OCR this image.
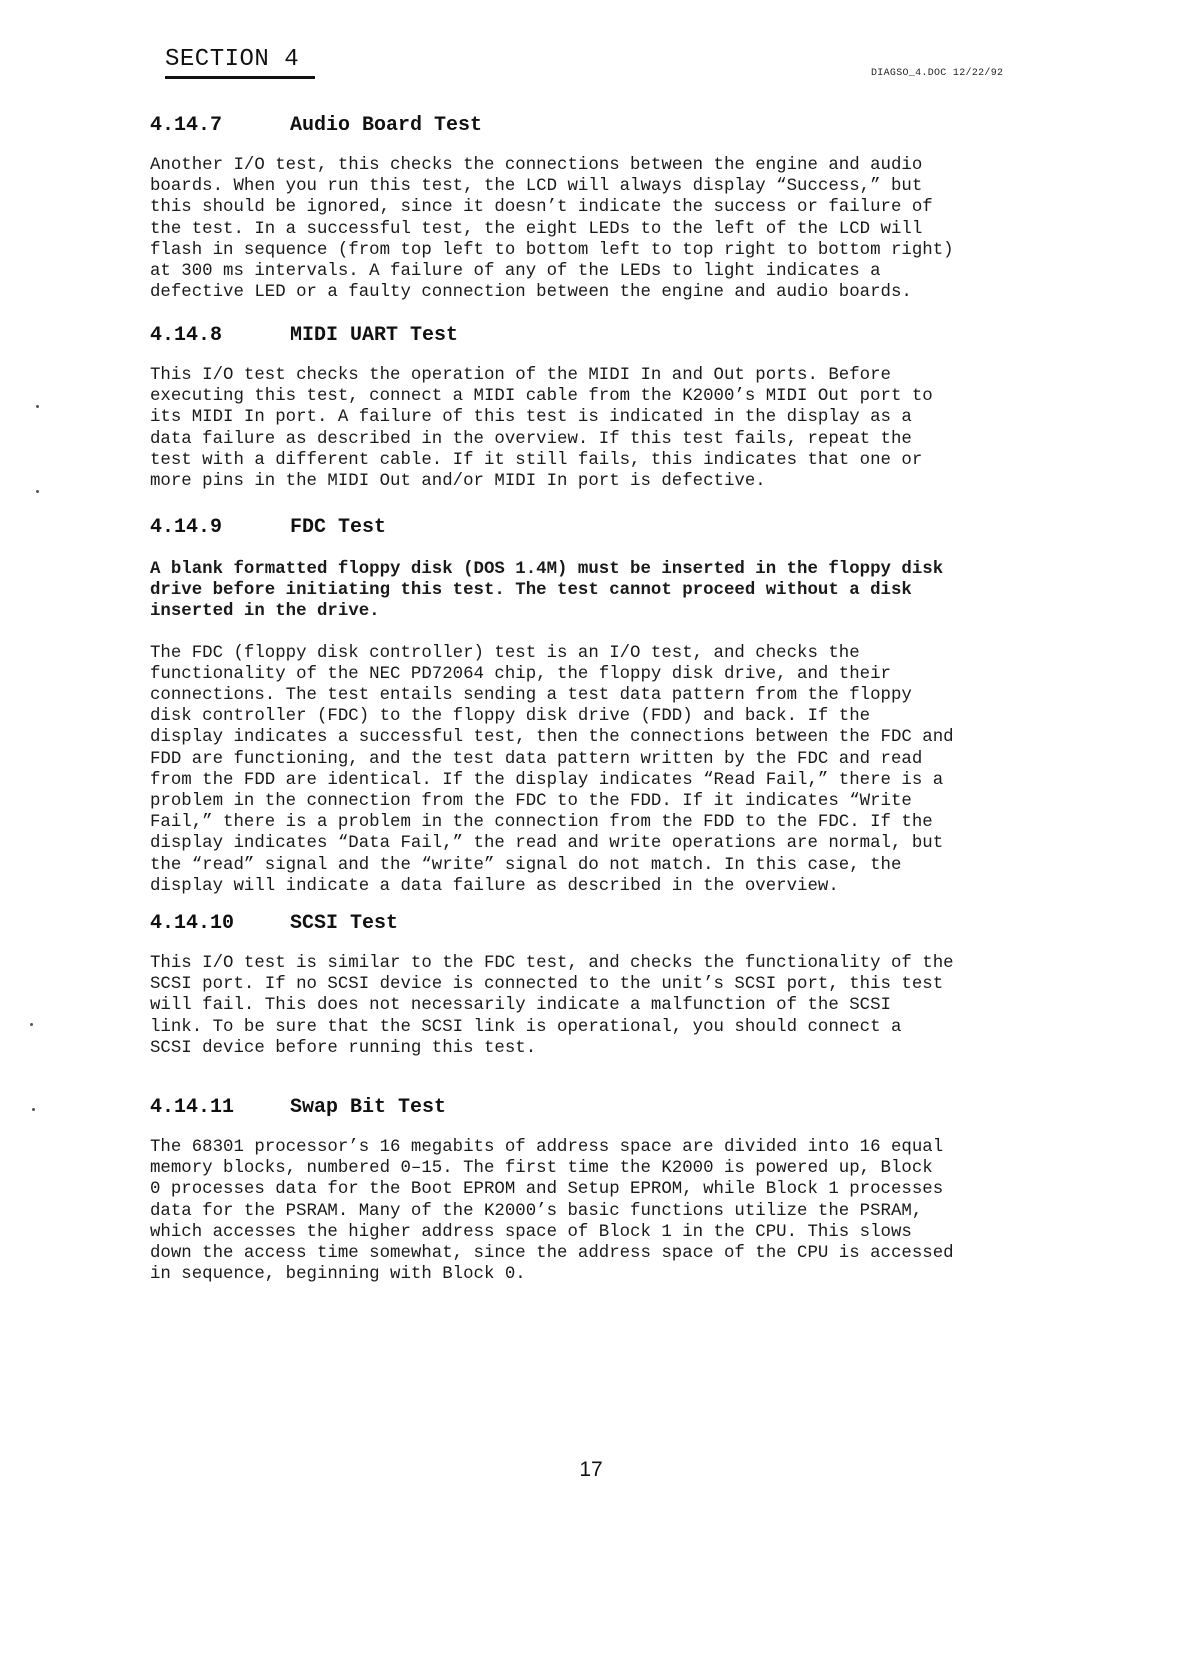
SECTION 4
DIAGSO_4.DOC 12/22/92
4.14.7	Audio Board Test

Another I/O test, this checks the connections between the engine and audio
boards. When you run this test, the LCD will always display “Success,” but
this should be ignored, since it doesn’t indicate the success or failure of
the test. In a successful test, the eight LEDs to the left of the LCD will
flash in sequence (from top left to bottom left to top right to bottom right)
at 300 ms intervals. A failure of any of the LEDs to light indicates a
defective LED or a faulty connection between the engine and audio boards.

4.14.8	MIDI UART Test

This I/O test checks the operation of the MIDI In and Out ports. Before
executing this test, connect a MIDI cable from the K2000’s MIDI Out port to
its MIDI In port. A failure of this test is indicated in the display as a
data failure as described in the overview. If this test fails, repeat the
test with a different cable. If it still fails, this indicates that one or
more pins in the MIDI Out and/or MIDI In port is defective.

4.14.9	FDC Test

A blank formatted floppy disk (DOS 1.4M) must be inserted in the floppy disk
drive before initiating this test. The test cannot proceed without a disk
inserted in the drive.

The FDC (floppy disk controller) test is an I/O test, and checks the
functionality of the NEC PD72064 chip, the floppy disk drive, and their
connections. The test entails sending a test data pattern from the floppy
disk controller (FDC) to the floppy disk drive (FDD) and back. If the
display indicates a successful test, then the connections between the FDC and
FDD are functioning, and the test data pattern written by the FDC and read
from the FDD are identical. If the display indicates “Read Fail,” there is a
problem in the connection from the FDC to the FDD. If it indicates “Write
Fail,” there is a problem in the connection from the FDD to the FDC. If the
display indicates “Data Fail,” the read and write operations are normal, but
the “read” signal and the “write” signal do not match. In this case, the
display will indicate a data failure as described in the overview.

4.14.10	SCSI Test

This I/O test is similar to the FDC test, and checks the functionality of the
SCSI port. If no SCSI device is connected to the unit’s SCSI port, this test
will fail. This does not necessarily indicate a malfunction of the SCSI
link. To be sure that the SCSI link is operational, you should connect a
SCSI device before running this test.

4.14.11	Swap Bit Test

The 68301 processor’s 16 megabits of address space are divided into 16 equal
memory blocks, numbered 0–15. The first time the K2000 is powered up, Block
0 processes data for the Boot EPROM and Setup EPROM, while Block 1 processes
data for the PSRAM. Many of the K2000’s basic functions utilize the PSRAM,
which accesses the higher address space of Block 1 in the CPU. This slows
down the access time somewhat, since the address space of the CPU is accessed
in sequence, beginning with Block 0.

17
